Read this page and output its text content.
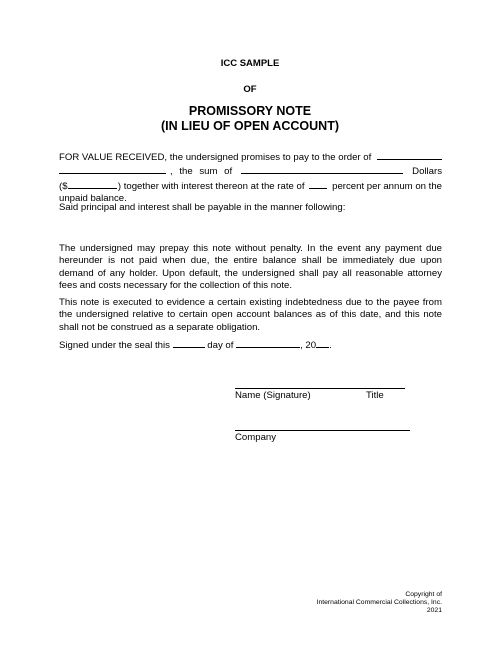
ICC SAMPLE
OF
PROMISSORY NOTE
(IN LIEU OF OPEN ACCOUNT)
FOR VALUE RECEIVED, the undersigned promises to pay to the order of
, the sum of	Dollars
($	) together with interest thereon at the rate of	percent per annum on the
unpaid balance.
Said principal and interest shall be payable in the manner following:
The undersigned may prepay this note without penalty. In the event any payment due hereunder is not paid when due, the entire balance shall be immediately due upon demand of any holder. Upon default, the undersigned shall pay all reasonable attorney fees and costs necessary for the collection of this note.
This note is executed to evidence a certain existing indebtedness due to the payee from the undersigned relative to certain open account balances as of this date, and this note shall not be construed as a separate obligation.
Signed under the seal this	day of	, 20 .
Name (Signature)	Title
Company
Copyright of
International Commercial Collections, Inc.
2021
